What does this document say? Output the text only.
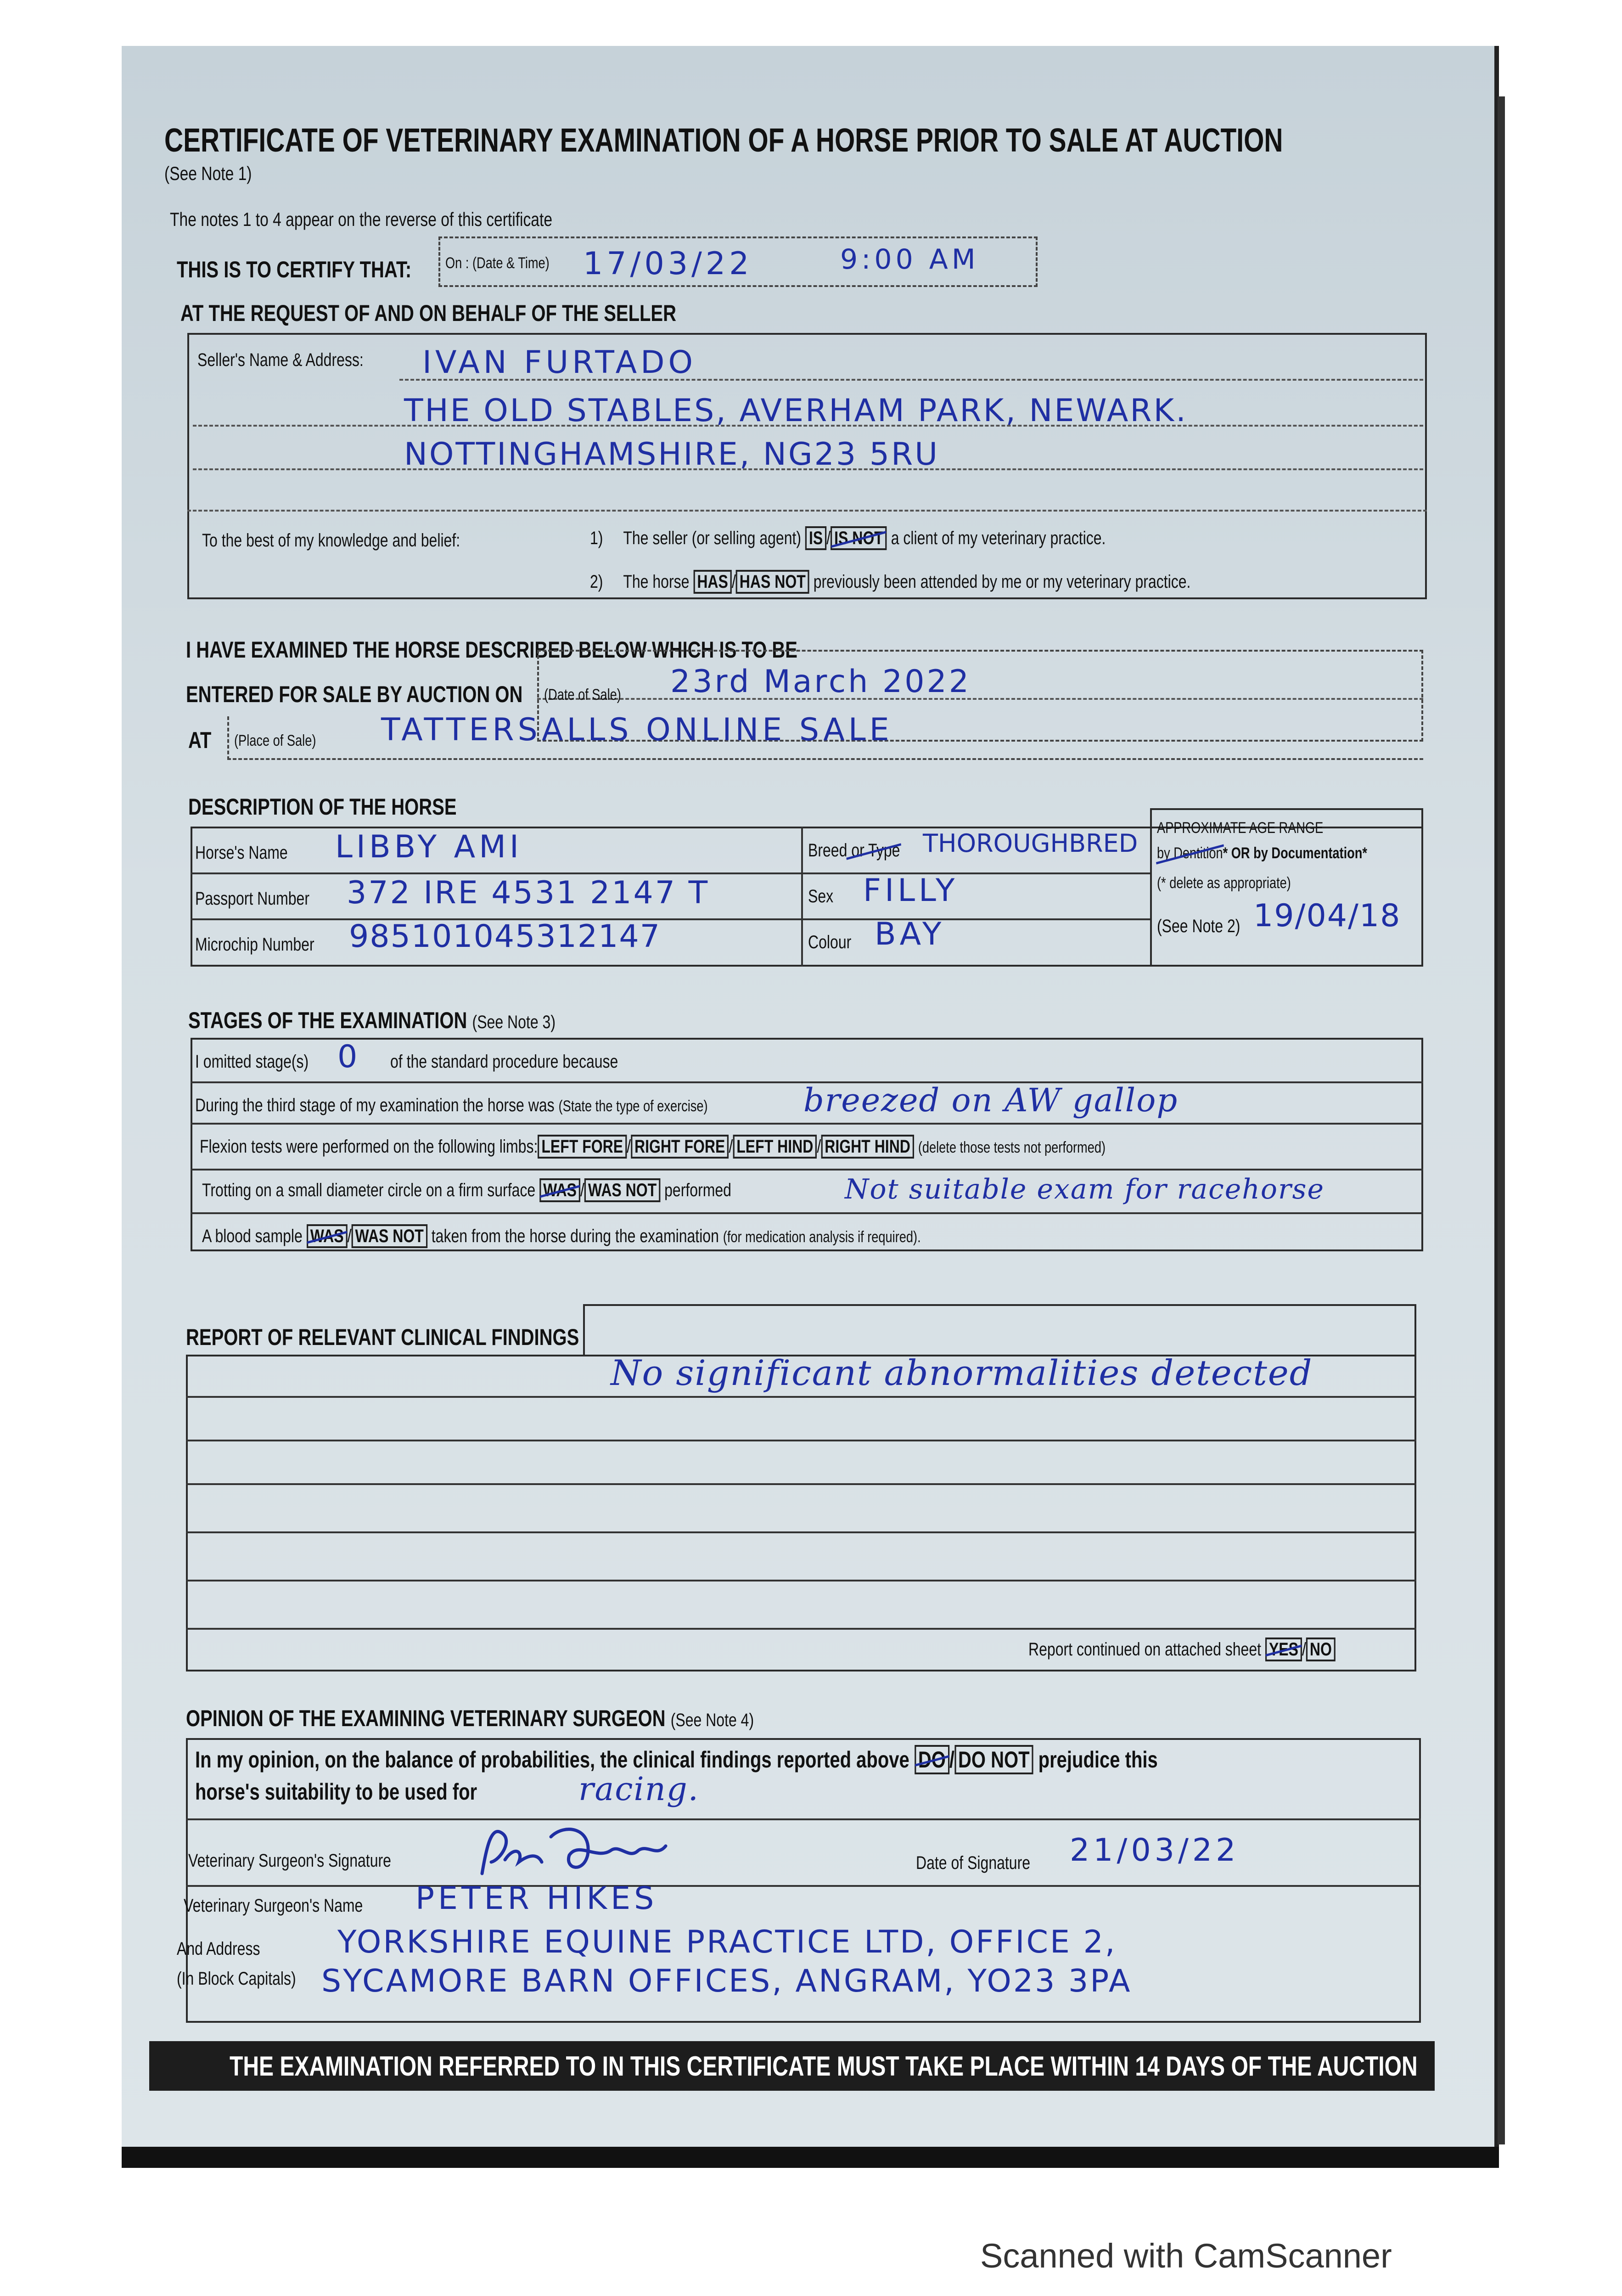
CERTIFICATE OF VETERINARY EXAMINATION OF A HORSE PRIOR TO SALE AT AUCTION
(See Note 1)
The notes 1 to 4 appear on the reverse of this certificate
THIS IS TO CERTIFY THAT: On : (Date & Time) 17/03/22	9:00 AM
AT THE REQUEST OF AND ON BEHALF OF THE SELLER
Seller's Name & Address: IVAN FURTADO
THE OLD STABLES, AVERHAM PARK, NEWARK.
NOTTINGHAMSHIRE, NG23 5RU
To the best of my knowledge and belief:	1) The seller (or selling agent) IS / IS NOT a client of my veterinary practice.
2) The horse HAS / HAS NOT previously been attended by me or my veterinary practice.
I HAVE EXAMINED THE HORSE DESCRIBED BELOW WHICH IS TO BE
ENTERED FOR SALE BY AUCTION ON (Date of Sale) 23rd March 2022
AT (Place of Sale) TATTERSALLS ONLINE SALE
DESCRIPTION OF THE HORSE
Horse's Name LIBBY AMI
Passport Number 372 IRE 4531 2147 T
Microchip Number 985101045312147
Breed or Type THOROUGHBRED
Sex FILLY
Colour BAY
APPROXIMATE AGE RANGE
by Dentition* OR by Documentation*
(* delete as appropriate)
(See Note 2) 19/04/18
STAGES OF THE EXAMINATION (See Note 3)
I omitted stage(s) 0 of the standard procedure because
During the third stage of my examination the horse was (State the type of exercise)	breezed on AW gallop
Flexion tests were performed on the following limbs: LEFT FORE / RIGHT FORE / LEFT HIND / RIGHT HIND (delete those tests not performed)
Trotting on a small diameter circle on a firm surface WAS / WAS NOT performed	Not suitable exam for racehorse
A blood sample WAS / WAS NOT taken from the horse during the examination (for medication analysis if required).
REPORT OF RELEVANT CLINICAL FINDINGS
No significant abnormalities detected
Report continued on attached sheet YES / NO
OPINION OF THE EXAMINING VETERINARY SURGEON (See Note 4)
In my opinion, on the balance of probabilities, the clinical findings reported above DO / DO NOT prejudice this
horse's suitability to be used for	racing.
Veterinary Surgeon's Signature	Date of Signature 21/03/22
Veterinary Surgeon's Name PETER HIKES
And Address
(In Block Capitals)
YORKSHIRE EQUINE PRACTICE LTD, OFFICE 2,
SYCAMORE BARN OFFICES, ANGRAM, YO23 3PA
THE EXAMINATION REFERRED TO IN THIS CERTIFICATE MUST TAKE PLACE WITHIN 14 DAYS OF THE AUCTION
Scanned with CamScanner
